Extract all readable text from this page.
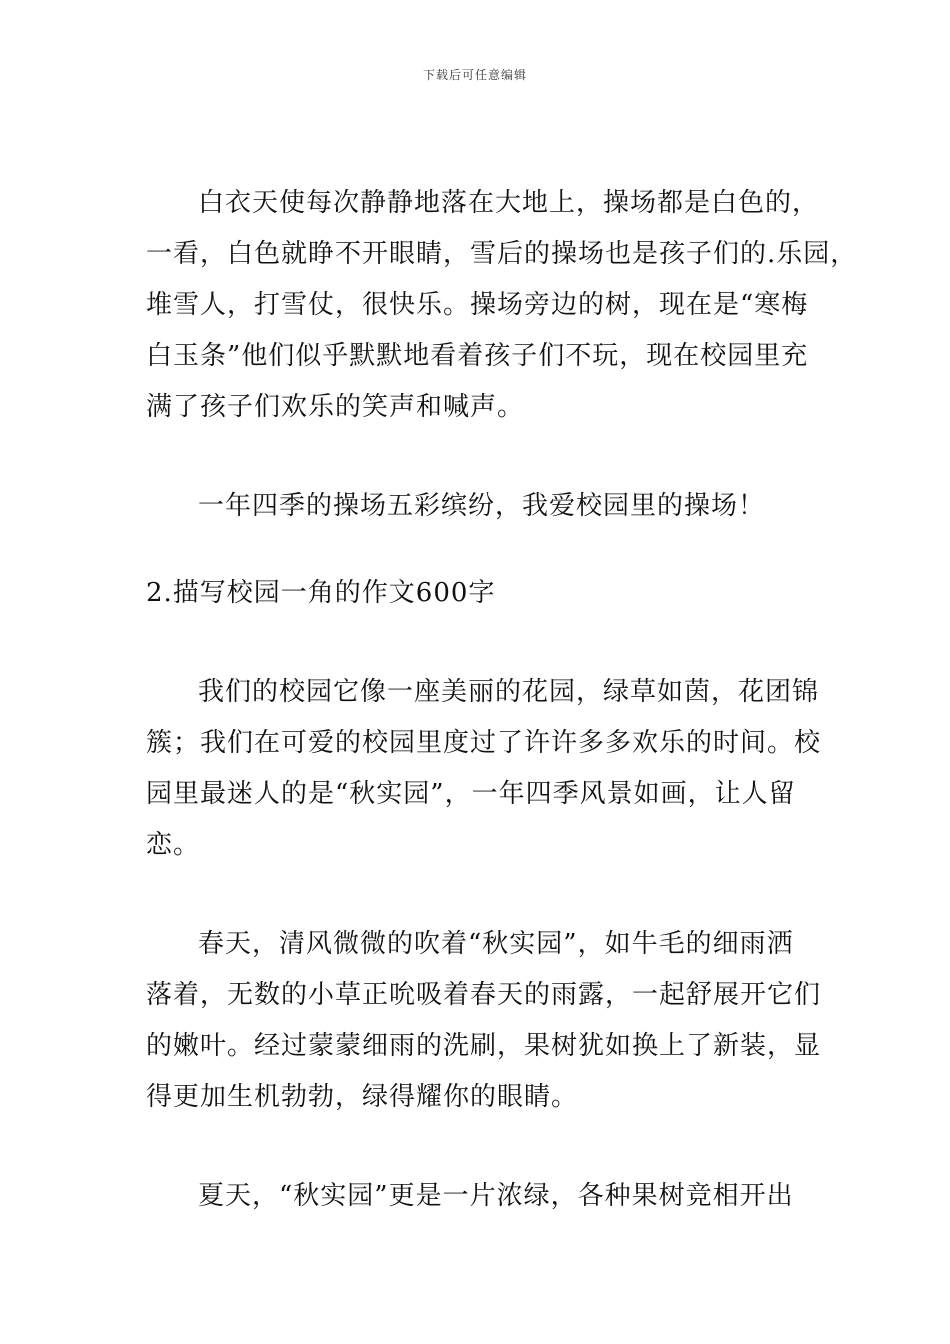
下载后可任意编辑
白衣天使每次静静地落在大地上，操场都是白色的，
一看，白色就睁不开眼睛，雪后的操场也是孩子们的.乐园，
堆雪人，打雪仗，很快乐。操场旁边的树，现在是“寒梅
白玉条”他们似乎默默地看着孩子们不玩，现在校园里充
满了孩子们欢乐的笑声和喊声。
一年四季的操场五彩缤纷，我爱校园里的操场！
2.描写校园一角的作文600字
我们的校园它像一座美丽的花园，绿草如茵，花团锦
簇；我们在可爱的校园里度过了许许多多欢乐的时间。校
园里最迷人的是“秋实园”，一年四季风景如画，让人留
恋。
春天，清风微微的吹着“秋实园”，如牛毛的细雨洒
落着，无数的小草正吮吸着春天的雨露，一起舒展开它们
的嫩叶。经过蒙蒙细雨的洗刷，果树犹如换上了新装，显
得更加生机勃勃，绿得耀你的眼睛。
夏天，“秋实园”更是一片浓绿，各种果树竞相开出
